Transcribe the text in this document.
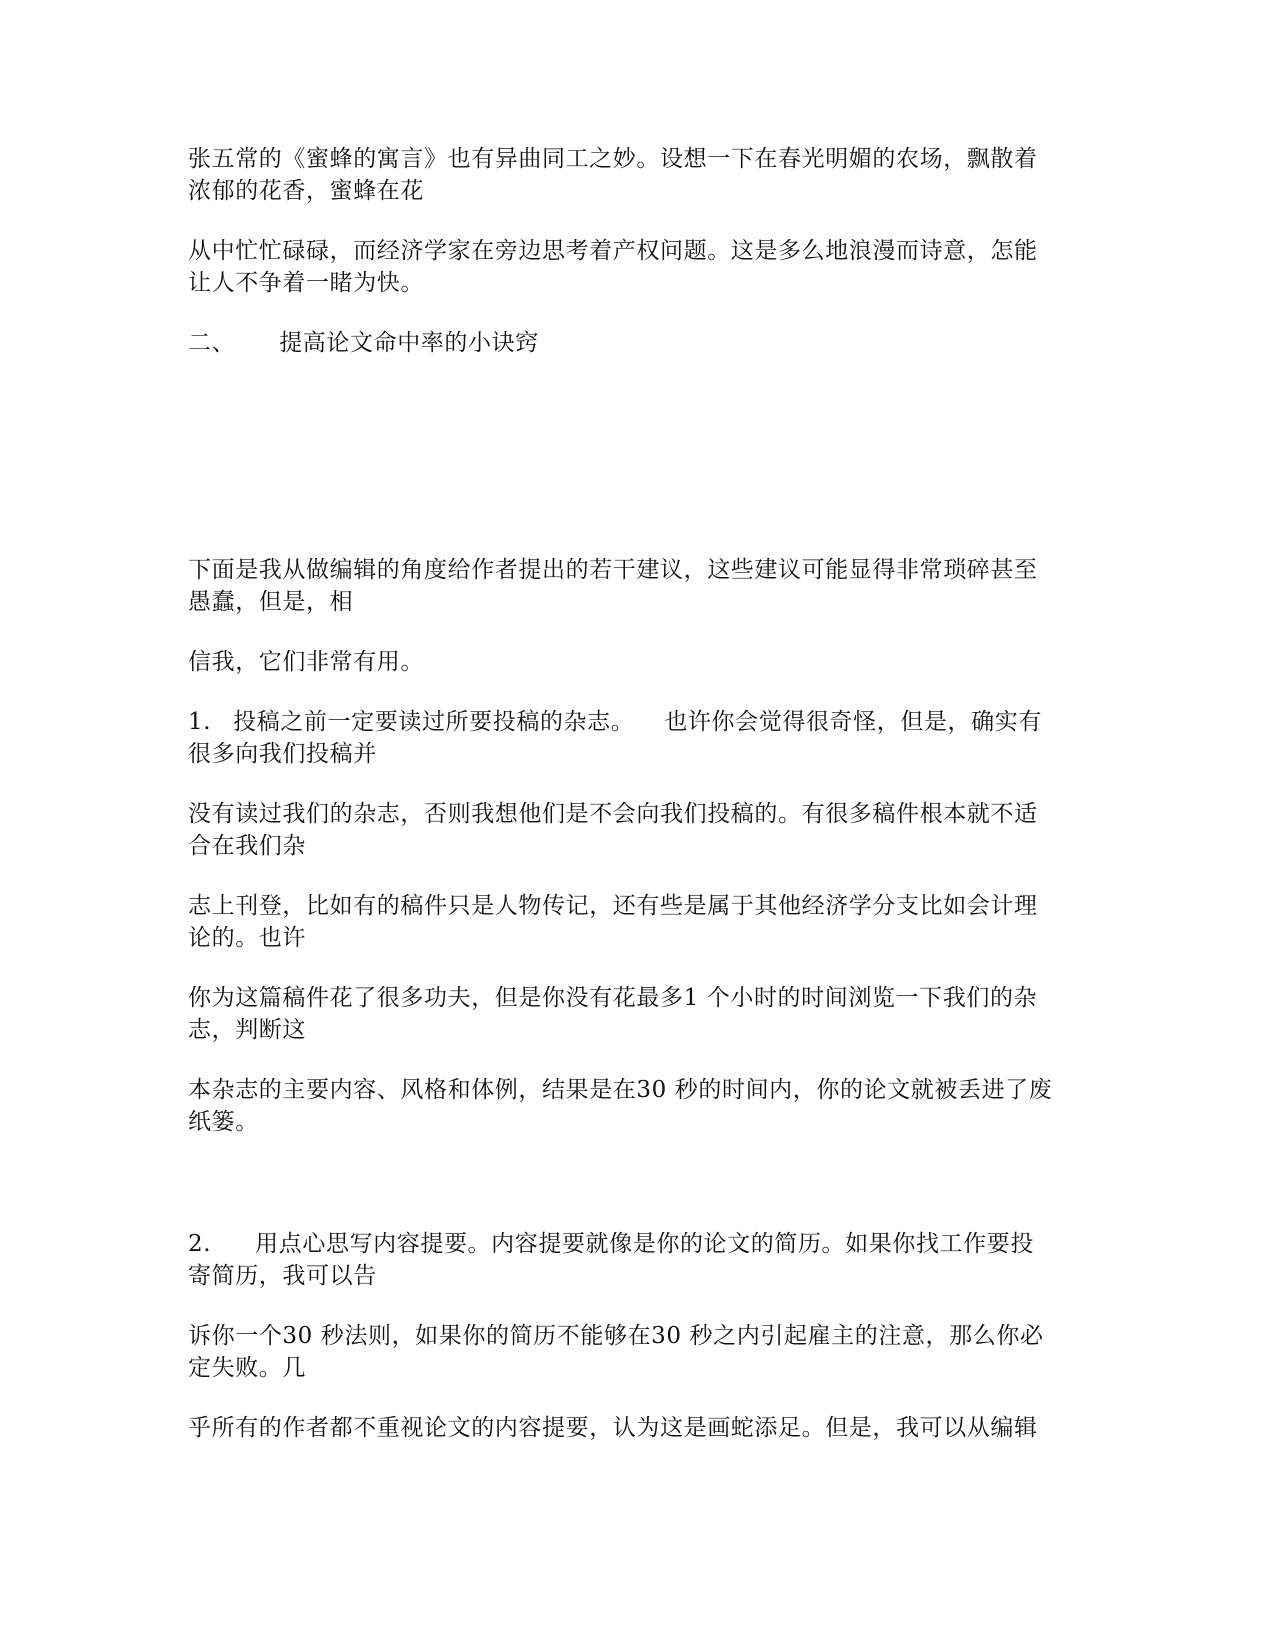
张五常的《蜜蜂的寓言》也有异曲同工之妙。设想一下在春光明媚的农场，飘散着
浓郁的花香，蜜蜂在花

从中忙忙碌碌，而经济学家在旁边思考着产权问题。这是多么地浪漫而诗意，怎能
让人不争着一睹为快。

二、 提高论文命中率的小诀窍

下面是我从做编辑的角度给作者提出的若干建议，这些建议可能显得非常琐碎甚至
愚蠢，但是，相

信我，它们非常有用。

1. 投稿之前一定要读过所要投稿的杂志。 也许你会觉得很奇怪，但是，确实有
很多向我们投稿并

没有读过我们的杂志，否则我想他们是不会向我们投稿的。有很多稿件根本就不适
合在我们杂

志上刊登，比如有的稿件只是人物传记，还有些是属于其他经济学分支比如会计理
论的。也许

你为这篇稿件花了很多功夫，但是你没有花最多1 个小时的时间浏览一下我们的杂
志，判断这

本杂志的主要内容、风格和体例，结果是在30 秒的时间内，你的论文就被丢进了废
纸篓。

2. 用点心思写内容提要。内容提要就像是你的论文的简历。如果你找工作要投
寄简历，我可以告

诉你一个30 秒法则，如果你的简历不能够在30 秒之内引起雇主的注意，那么你必
定失败。几

乎所有的作者都不重视论文的内容提要，认为这是画蛇添足。但是，我可以从编辑
